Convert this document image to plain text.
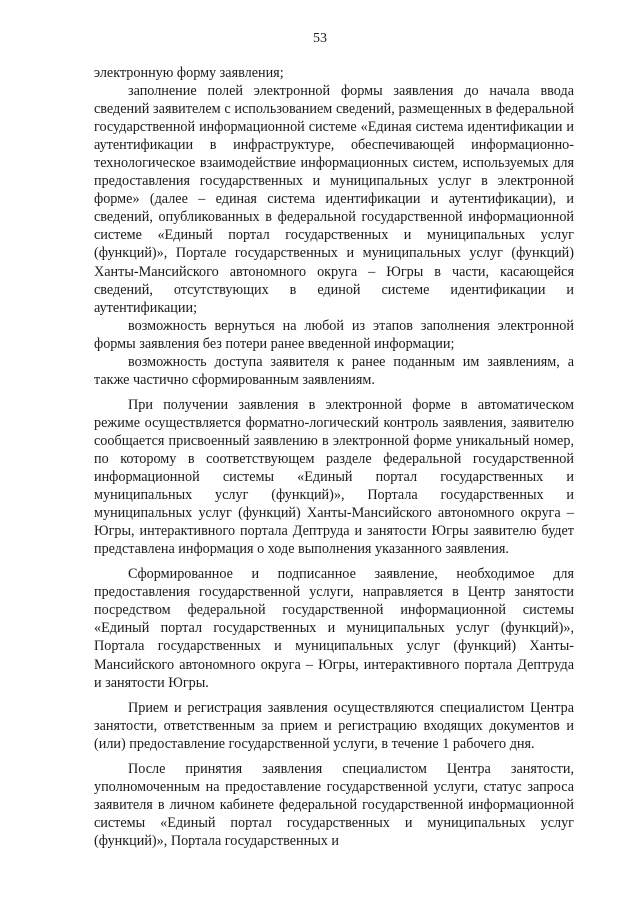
53

электронную форму заявления;

заполнение полей электронной формы заявления до начала ввода сведений заявителем с использованием сведений, размещенных в федеральной государственной информационной системе «Единая система идентификации и аутентификации в инфраструктуре, обеспечивающей информационно-технологическое взаимодействие информационных систем, используемых для предоставления государственных и муниципальных услуг в электронной форме» (далее – единая система идентификации и аутентификации), и сведений, опубликованных в федеральной государственной информационной системе «Единый портал государственных и муниципальных услуг (функций)», Портале государственных и муниципальных услуг (функций) Ханты-Мансийского автономного округа – Югры в части, касающейся сведений, отсутствующих в единой системе идентификации и аутентификации;

возможность вернуться на любой из этапов заполнения электронной формы заявления без потери ранее введенной информации;

возможность доступа заявителя к ранее поданным им заявлениям, а также частично сформированным заявлениям.

При получении заявления в электронной форме в автоматическом режиме осуществляется форматно-логический контроль заявления, заявителю сообщается присвоенный заявлению в электронной форме уникальный номер, по которому в соответствующем разделе федеральной государственной информационной системы «Единый портал государственных и муниципальных услуг (функций)», Портала государственных и муниципальных услуг (функций) Ханты-Мансийского автономного округа – Югры, интерактивного портала Дептруда и занятости Югры заявителю будет представлена информация о ходе выполнения указанного заявления.

Сформированное и подписанное заявление, необходимое для предоставления государственной услуги, направляется в Центр занятости посредством федеральной государственной информационной системы «Единый портал государственных и муниципальных услуг (функций)», Портала государственных и муниципальных услуг (функций) Ханты-Мансийского автономного округа – Югры, интерактивного портала Дептруда и занятости Югры.

Прием и регистрация заявления осуществляются специалистом Центра занятости, ответственным за прием и регистрацию входящих документов и (или) предоставление государственной услуги, в течение 1 рабочего дня.

После принятия заявления специалистом Центра занятости, уполномоченным на предоставление государственной услуги, статус запроса заявителя в личном кабинете федеральной государственной информационной системы «Единый портал государственных и муниципальных услуг (функций)», Портала государственных и
